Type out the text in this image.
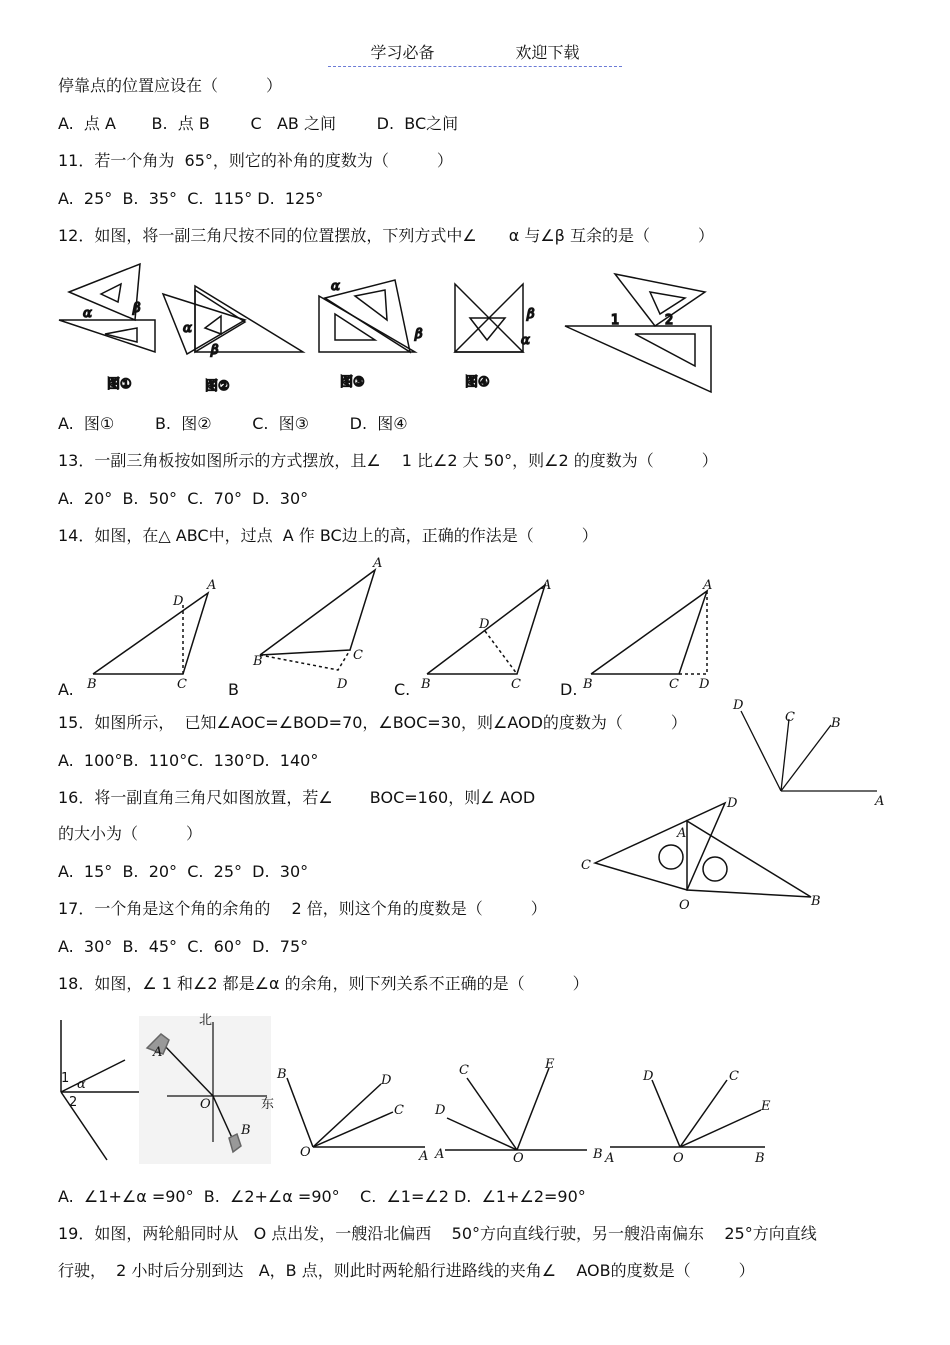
学习必备	欢迎下载
停靠点的位置应设在（　　　）
A.  点 A       B.  点 B        C   AB 之间        D.  BC之间
11．若一个角为  65°，则它的补角的度数为（　　　）
A.  25°  B.  35°  C.  115° D.  125°
12．如图，将一副三角尺按不同的位置摆放，下列方式中∠　　α 与∠β 互余的是（　　　）
α	β
α
β
α
β
β
α
1	2
图①	图②	图③	图④
A.  图①        B.  图②        C.  图③        D.  图④
13．一副三角板按如图所示的方式摆放，且∠　 1 比∠2 大 50°，则∠2 的度数为（　　　）
A.  20°  B.  50°  C.  70°  D.  30°
14．如图，在△ ABC中，过点  A 作 BC边上的高，正确的作法是（　　　）
A
D
B	C
A
B	C
D
A
D
B	C
A
B	C D
A.	B	C.	D.
D
C	B
A
15．如图所示，  已知∠AOC=∠BOD=70，∠BOC=30，则∠AOD的度数为（　　　）
A.  100°B.  110°C.  130°D.  140°
D
A
C
O	B
16．将一副直角三角尺如图放置，若∠　　 BOC=160，则∠ AOD
的大小为（　　　）
A.  15°  B.  20°  C.  25°  D.  30°
17．一个角是这个角的余角的　 2 倍，则这个角的度数是（　　　）
A.  30°  B.  45°  C.  60°  D.  75°
18．如图，∠ 1 和∠2 都是∠α 的余角，则下列关系不正确的是（　　　）
1 α
2
北
东
A
O
B
B	D
C
O	A
C	E
D
A	O	B
D	C
E
A	O	B
A.  ∠1+∠α =90°  B.  ∠2+∠α =90°    C.  ∠1=∠2 D.  ∠1+∠2=90°
19．如图，两轮船同时从   O 点出发，一艘沿北偏西    50°方向直线行驶，另一艘沿南偏东    25°方向直线
行驶，  2 小时后分别到达   A，B 点，则此时两轮船行进路线的夹角∠    AOB的度数是（　　　）
